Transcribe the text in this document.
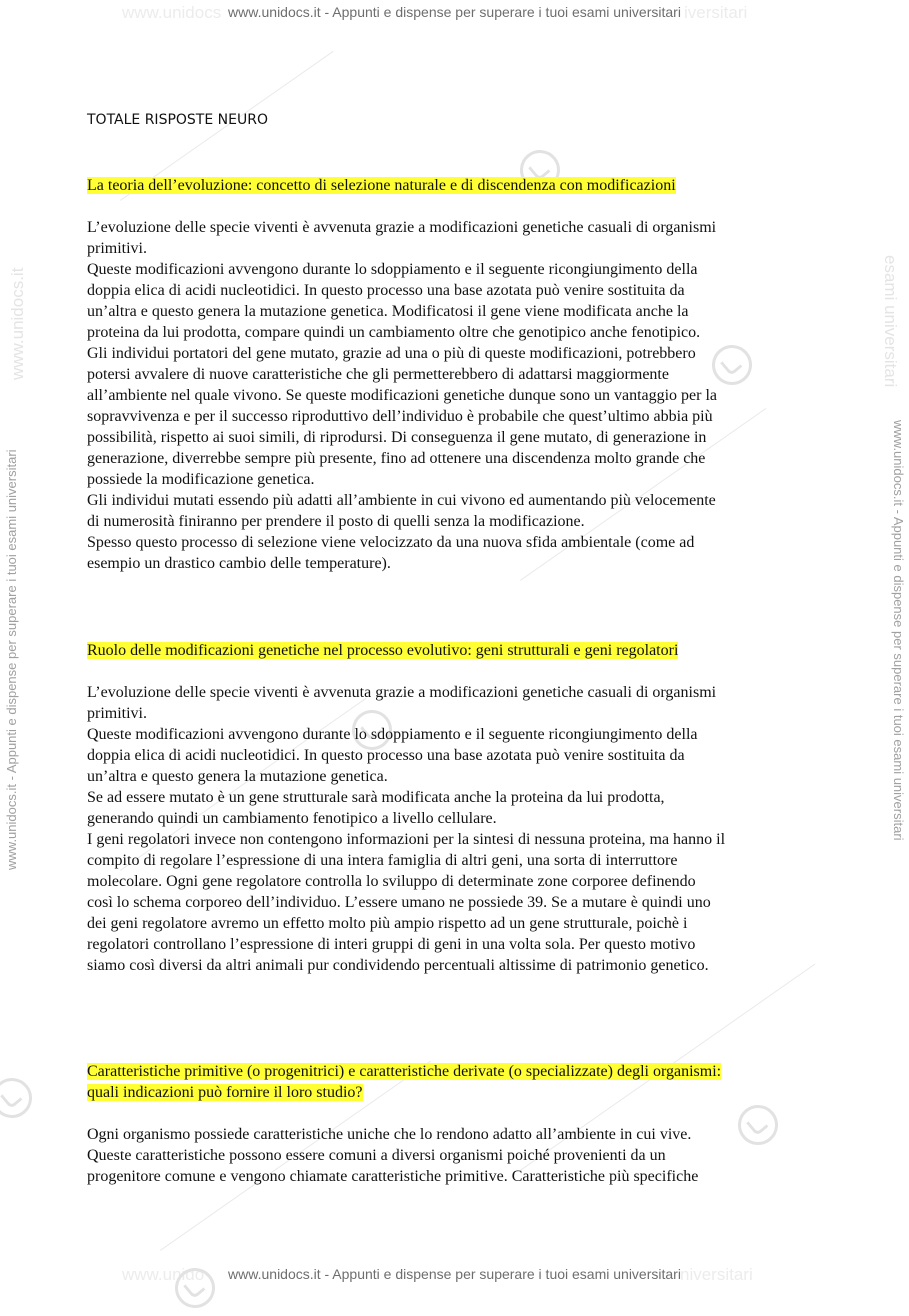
www.unidocs	iversitari
www.unido	niversitari
www.unidocs.it	esami universitari
www.unidocs.it - Appunti e dispense per superare i tuoi esami universitari
www.unidocs.it - Appunti e dispense per superare i tuoi esami universitari
www.unidocs.it - Appunti e dispense per superare i tuoi esami universitari	www.unidocs.it - Appunti e dispense per superare i tuoi esami universitari
TOTALE RISPOSTE NEURO
La teoria dell’evoluzione: concetto di selezione naturale e di discendenza con modificazioni
L’evoluzione delle specie viventi è avvenuta grazie a modificazioni genetiche casuali di organismi
primitivi.
Queste modificazioni avvengono durante lo sdoppiamento e il seguente ricongiungimento della
doppia elica di acidi nucleotidici. In questo processo una base azotata può venire sostituita da
un’altra e questo genera la mutazione genetica. Modificatosi il gene viene modificata anche la
proteina da lui prodotta, compare quindi un cambiamento oltre che genotipico anche fenotipico.
Gli individui portatori del gene mutato, grazie ad una o più di queste modificazioni, potrebbero
potersi avvalere di nuove caratteristiche che gli permetterebbero di adattarsi maggiormente
all’ambiente nel quale vivono. Se queste modificazioni genetiche dunque sono un vantaggio per la
sopravvivenza e per il successo riproduttivo dell’individuo è probabile che quest’ultimo abbia più
possibilità, rispetto ai suoi simili, di riprodursi. Di conseguenza il gene mutato, di generazione in
generazione, diverrebbe sempre più presente, fino ad ottenere una discendenza molto grande che
possiede la modificazione genetica.
Gli individui mutati essendo più adatti all’ambiente in cui vivono ed aumentando più velocemente
di numerosità finiranno per prendere il posto di quelli senza la modificazione.
Spesso questo processo di selezione viene velocizzato da una nuova sfida ambientale (come ad
esempio un drastico cambio delle temperature).
Ruolo delle modificazioni genetiche nel processo evolutivo: geni strutturali e geni regolatori
L’evoluzione delle specie viventi è avvenuta grazie a modificazioni genetiche casuali di organismi
primitivi.
Queste modificazioni avvengono durante lo sdoppiamento e il seguente ricongiungimento della
doppia elica di acidi nucleotidici. In questo processo una base azotata può venire sostituita da
un’altra e questo genera la mutazione genetica.
Se ad essere mutato è un gene strutturale sarà modificata anche la proteina da lui prodotta,
generando quindi un cambiamento fenotipico a livello cellulare.
I geni regolatori invece non contengono informazioni per la sintesi di nessuna proteina, ma hanno il
compito di regolare l’espressione di una intera famiglia di altri geni, una sorta di interruttore
molecolare. Ogni gene regolatore controlla lo sviluppo di determinate zone corporee definendo
così lo schema corporeo dell’individuo. L’essere umano ne possiede 39. Se a mutare è quindi uno
dei geni regolatore avremo un effetto molto più ampio rispetto ad un gene strutturale, poichè i
regolatori controllano l’espressione di interi gruppi di geni in una volta sola. Per questo motivo
siamo così diversi da altri animali pur condividendo percentuali altissime di patrimonio genetico.
Caratteristiche primitive (o progenitrici) e caratteristiche derivate (o specializzate) degli organismi:
quali indicazioni può fornire il loro studio?
Ogni organismo possiede caratteristiche uniche che lo rendono adatto all’ambiente in cui vive.
Queste caratteristiche possono essere comuni a diversi organismi poiché provenienti da un
progenitore comune e vengono chiamate caratteristiche primitive. Caratteristiche più specifiche
